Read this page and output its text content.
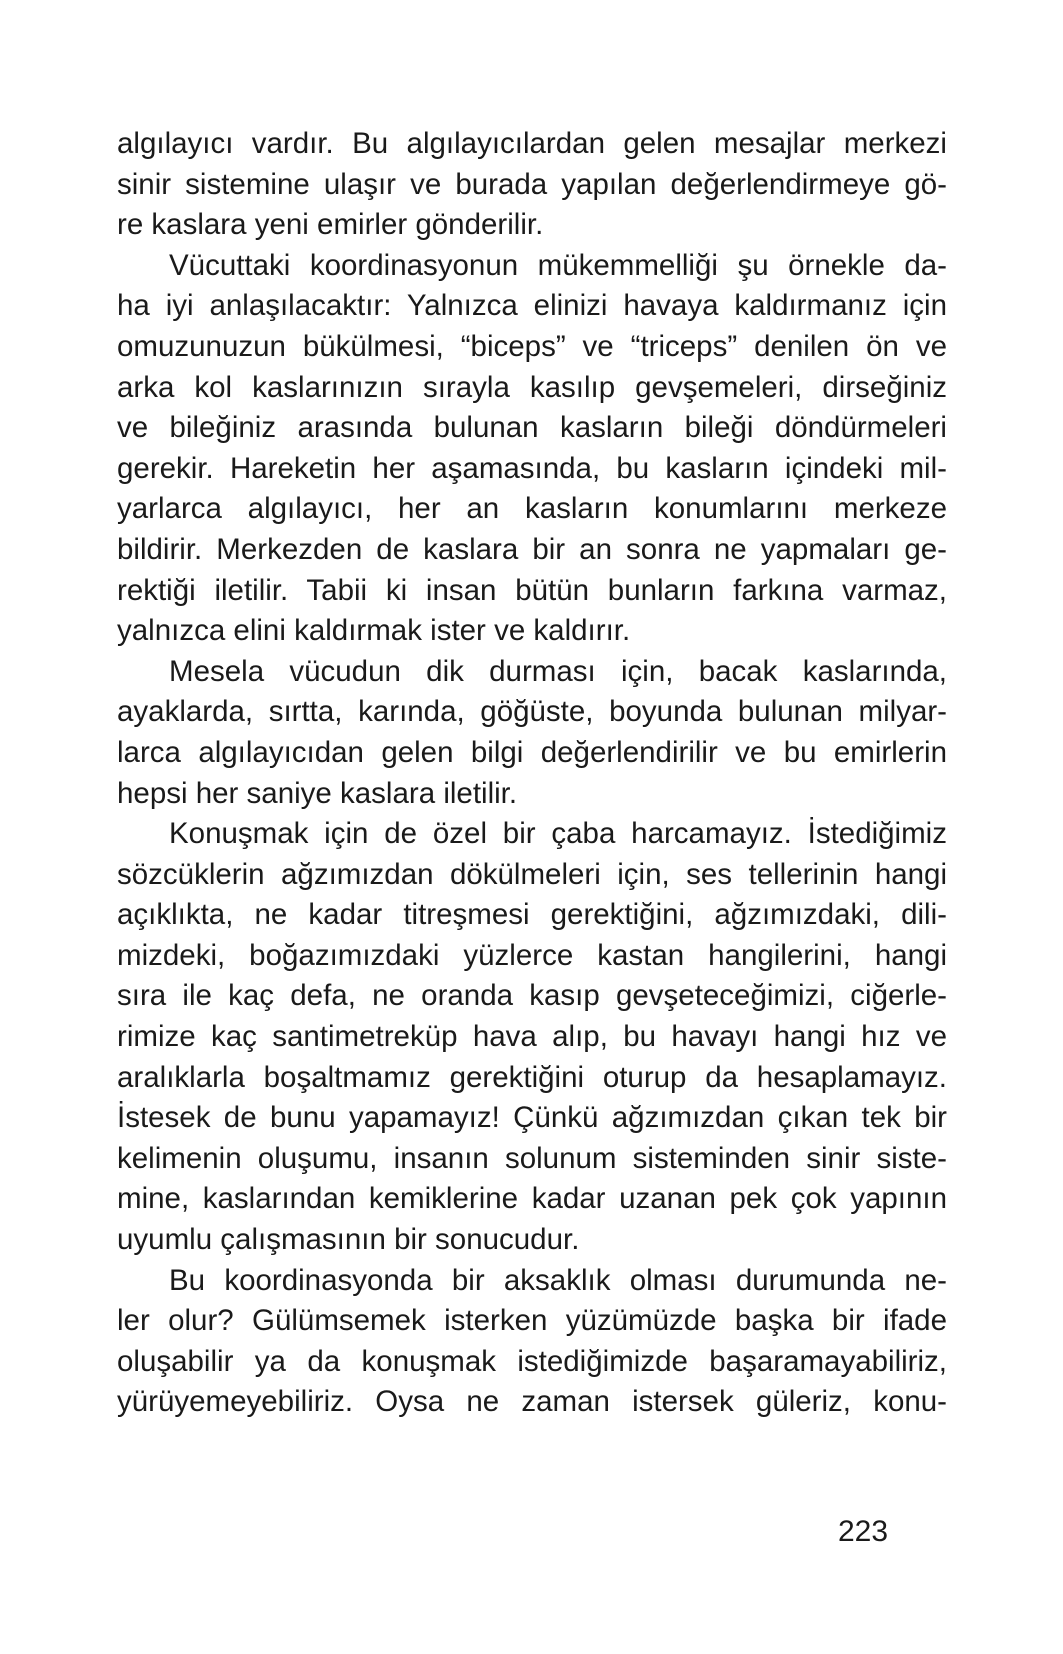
algılayıcı vardır. Bu algılayıcılardan gelen mesajlar merkezi
sinir sistemine ulaşır ve burada yapılan değerlendirmeye gö-
re kaslara yeni emirler gönderilir.
Vücuttaki koordinasyonun mükemmelliği şu örnekle da-
ha iyi anlaşılacaktır: Yalnızca elinizi havaya kaldırmanız için
omuzunuzun bükülmesi, “biceps” ve “triceps” denilen ön ve
arka kol kaslarınızın sırayla kasılıp gevşemeleri, dirseğiniz
ve bileğiniz arasında bulunan kasların bileği döndürmeleri
gerekir. Hareketin her aşamasında, bu kasların içindeki mil-
yarlarca algılayıcı, her an kasların konumlarını merkeze
bildirir. Merkezden de kaslara bir an sonra ne yapmaları ge-
rektiği iletilir. Tabii ki insan bütün bunların farkına varmaz,
yalnızca elini kaldırmak ister ve kaldırır.
Mesela vücudun dik durması için, bacak kaslarında,
ayaklarda, sırtta, karında, göğüste, boyunda bulunan milyar-
larca algılayıcıdan gelen bilgi değerlendirilir ve bu emirlerin
hepsi her saniye kaslara iletilir.
Konuşmak için de özel bir çaba harcamayız. İstediğimiz
sözcüklerin ağzımızdan dökülmeleri için, ses tellerinin hangi
açıklıkta, ne kadar titreşmesi gerektiğini, ağzımızdaki, dili-
mizdeki, boğazımızdaki yüzlerce kastan hangilerini, hangi
sıra ile kaç defa, ne oranda kasıp gevşeteceğimizi, ciğerle-
rimize kaç santimetreküp hava alıp, bu havayı hangi hız ve
aralıklarla boşaltmamız gerektiğini oturup da hesaplamayız.
İstesek de bunu yapamayız! Çünkü ağzımızdan çıkan tek bir
kelimenin oluşumu, insanın solunum sisteminden sinir siste-
mine, kaslarından kemiklerine kadar uzanan pek çok yapının
uyumlu çalışmasının bir sonucudur.
Bu koordinasyonda bir aksaklık olması durumunda ne-
ler olur? Gülümsemek isterken yüzümüzde başka bir ifade
oluşabilir ya da konuşmak istediğimizde başaramayabiliriz,
yürüyemeyebiliriz. Oysa ne zaman istersek güleriz, konu-
223
